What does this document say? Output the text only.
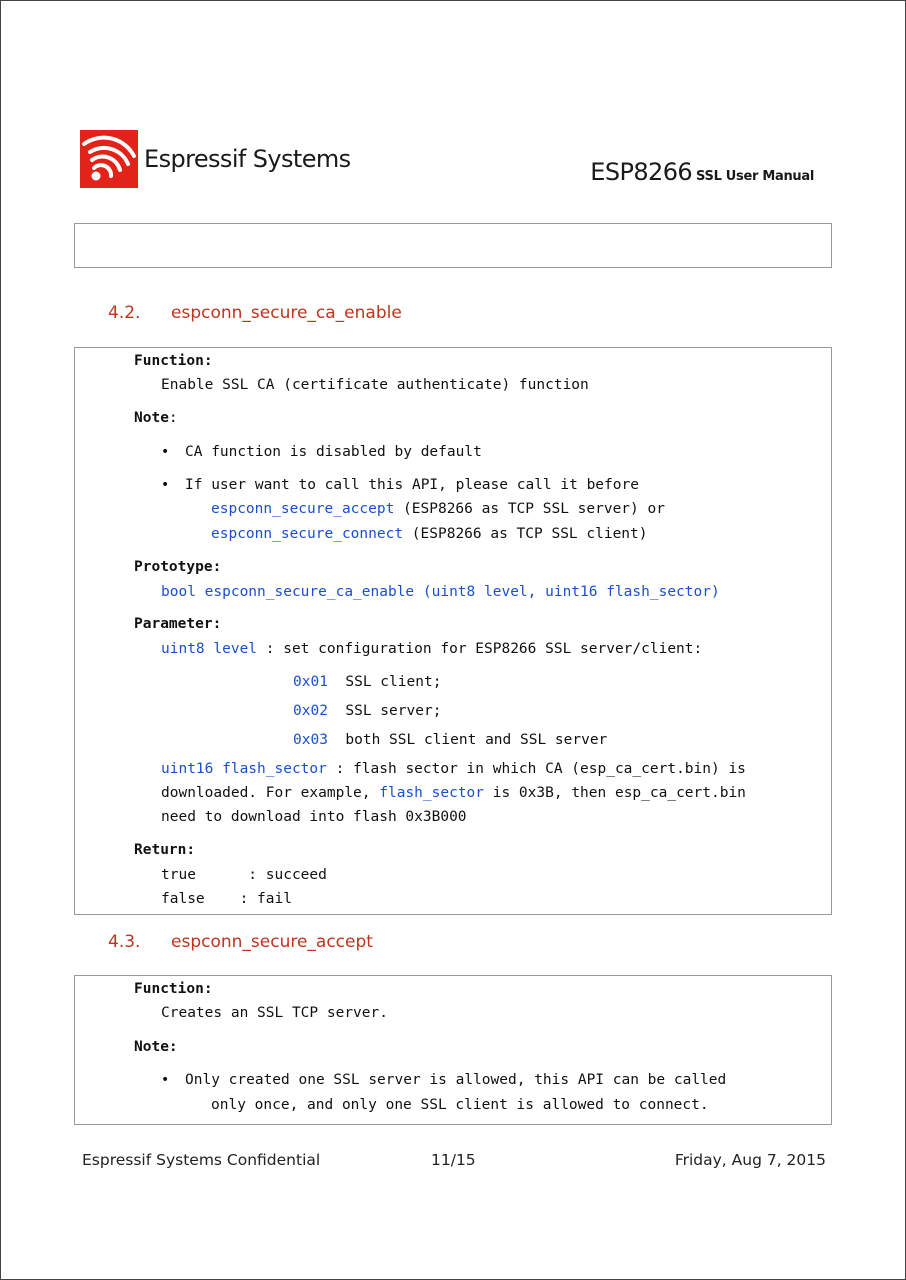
Espressif Systems	ESP8266 SSL User Manual
4.2. espconn_secure_ca_enable
Function:
Enable SSL CA (certificate authenticate) function
Note:
• CA function is disabled by default
• If user want to call this API, please call it before
espconn_secure_accept (ESP8266 as TCP SSL server) or
espconn_secure_connect (ESP8266 as TCP SSL client)
Prototype:
bool espconn_secure_ca_enable (uint8 level, uint16 flash_sector)
Parameter:
uint8 level : set configuration for ESP8266 SSL server/client:
0x01 SSL client;
0x02 SSL server;
0x03 both SSL client and SSL server
uint16 flash_sector : flash sector in which CA (esp_ca_cert.bin) is
downloaded. For example, flash_sector is 0x3B, then esp_ca_cert.bin
need to download into flash 0x3B000
Return:
true      : succeed
false    : fail
4.3. espconn_secure_accept
Function:
Creates an SSL TCP server.
Note:
• Only created one SSL server is allowed, this API can be called
only once, and only one SSL client is allowed to connect.
Espressif Systems Confidential	11/15	Friday, Aug 7, 2015
